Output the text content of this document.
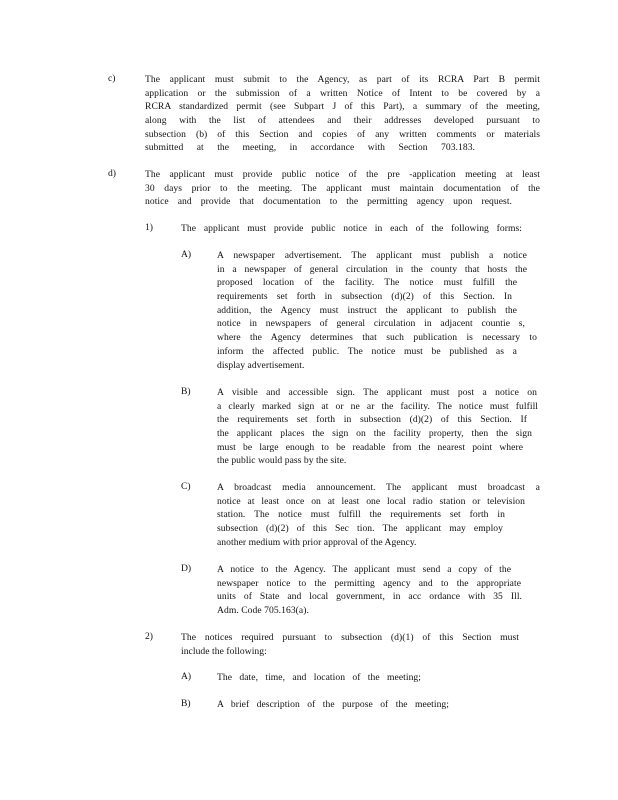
c)	The applicant must submit to the Agency, as part of its RCRA Part B permit
application or the submission of a written Notice of Intent to be covered by a
RCRA standardized permit (see Subpart J of this Part), a summary of the meeting,
along with the list of attendees and their addresses developed pursuant to
subsection (b) of this Section and copies of any written comments or materials
submitted at the meeting, in accordance with Section 703.183.
d)	The applicant must provide public notice of the pre -application meeting at least
30 days prior to the meeting. The applicant must maintain documentation of the
notice and provide that documentation to the permitting agency upon request.
1)	The applicant must provide public notice in each of the following forms:
A)	A newspaper advertisement. The applicant must publish a notice
in a newspaper of general circulation in the county that hosts the
proposed location of the facility. The notice must fulfill the
requirements set forth in subsection (d)(2) of this Section. In
addition, the Agency must instruct the applicant to publish the
notice in newspapers of general circulation in adjacent countie s,
where the Agency determines that such publication is necessary to
inform the affected public. The notice must be published as a
display advertisement.
B)	A visible and accessible sign. The applicant must post a notice on
a clearly marked sign at or ne ar the facility. The notice must fulfill
the requirements set forth in subsection (d)(2) of this Section. If
the applicant places the sign on the facility property, then the sign
must be large enough to be readable from the nearest point where
the public would pass by the site.
C)	A broadcast media announcement. The applicant must broadcast a
notice at least once on at least one local radio station or television
station. The notice must fulfill the requirements set forth in
subsection (d)(2) of this Sec tion. The applicant may employ
another medium with prior approval of the Agency.
D)	A notice to the Agency. The applicant must send a copy of the
newspaper notice to the permitting agency and to the appropriate
units of State and local government, in acc ordance with 35 Ill.
Adm. Code 705.163(a).
2)	The notices required pursuant to subsection (d)(1) of this Section must
include the following:
A)	The date, time, and location of the meeting;
B)	A brief description of the purpose of the meeting;
